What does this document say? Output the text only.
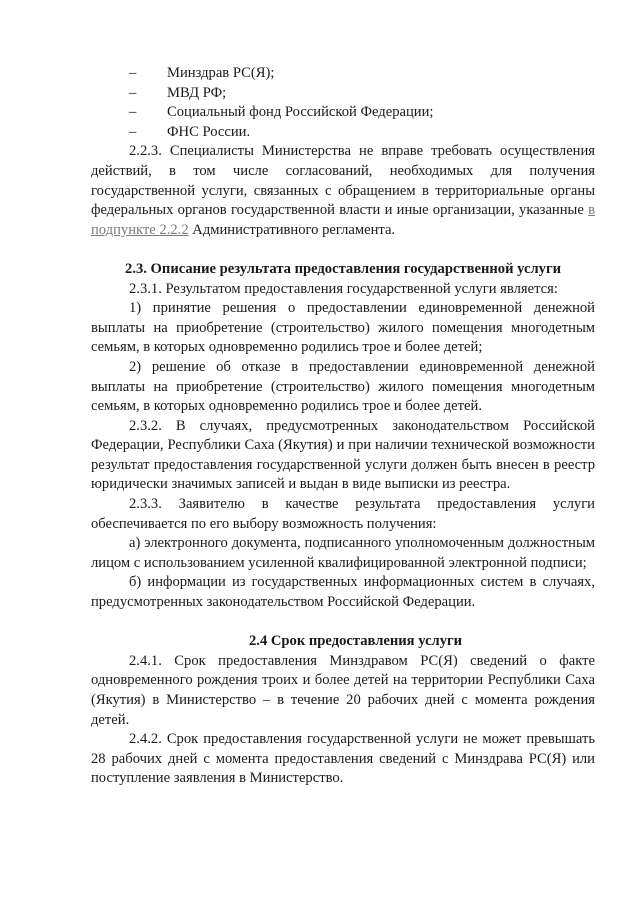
– Минздрав РС(Я);
– МВД РФ;
– Социальный фонд Российской Федерации;
– ФНС России.

2.2.3. Специалисты Министерства не вправе требовать осуществления действий, в том числе согласований, необходимых для получения государственной услуги, связанных с обращением в территориальные органы федеральных органов государственной власти и иные организации, указанные в подпункте 2.2.2 Административного регламента.

2.3. Описание результата предоставления государственной услуги

2.3.1. Результатом предоставления государственной услуги является:

1) принятие решения о предоставлении единовременной денежной выплаты на приобретение (строительство) жилого помещения многодетным семьям, в которых одновременно родились трое и более детей;

2) решение об отказе в предоставлении единовременной денежной выплаты на приобретение (строительство) жилого помещения многодетным семьям, в которых одновременно родились трое и более детей.

2.3.2. В случаях, предусмотренных законодательством Российской Федерации, Республики Саха (Якутия) и при наличии технической возможности результат предоставления государственной услуги должен быть внесен в реестр юридически значимых записей и выдан в виде выписки из реестра.

2.3.3. Заявителю в качестве результата предоставления услуги обеспечивается по его выбору возможность получения:

а) электронного документа, подписанного уполномоченным должностным лицом с использованием усиленной квалифицированной электронной подписи;

б) информации из государственных информационных систем в случаях, предусмотренных законодательством Российской Федерации.

2.4 Срок предоставления услуги

2.4.1. Срок предоставления Минздравом РС(Я) сведений о факте одновременного рождения троих и более детей на территории Республики Саха (Якутия) в Министерство – в течение 20 рабочих дней с момента рождения детей.

2.4.2. Срок предоставления государственной услуги не может превышать 28 рабочих дней с момента предоставления сведений с Минздрава РС(Я) или поступление заявления в Министерство.
